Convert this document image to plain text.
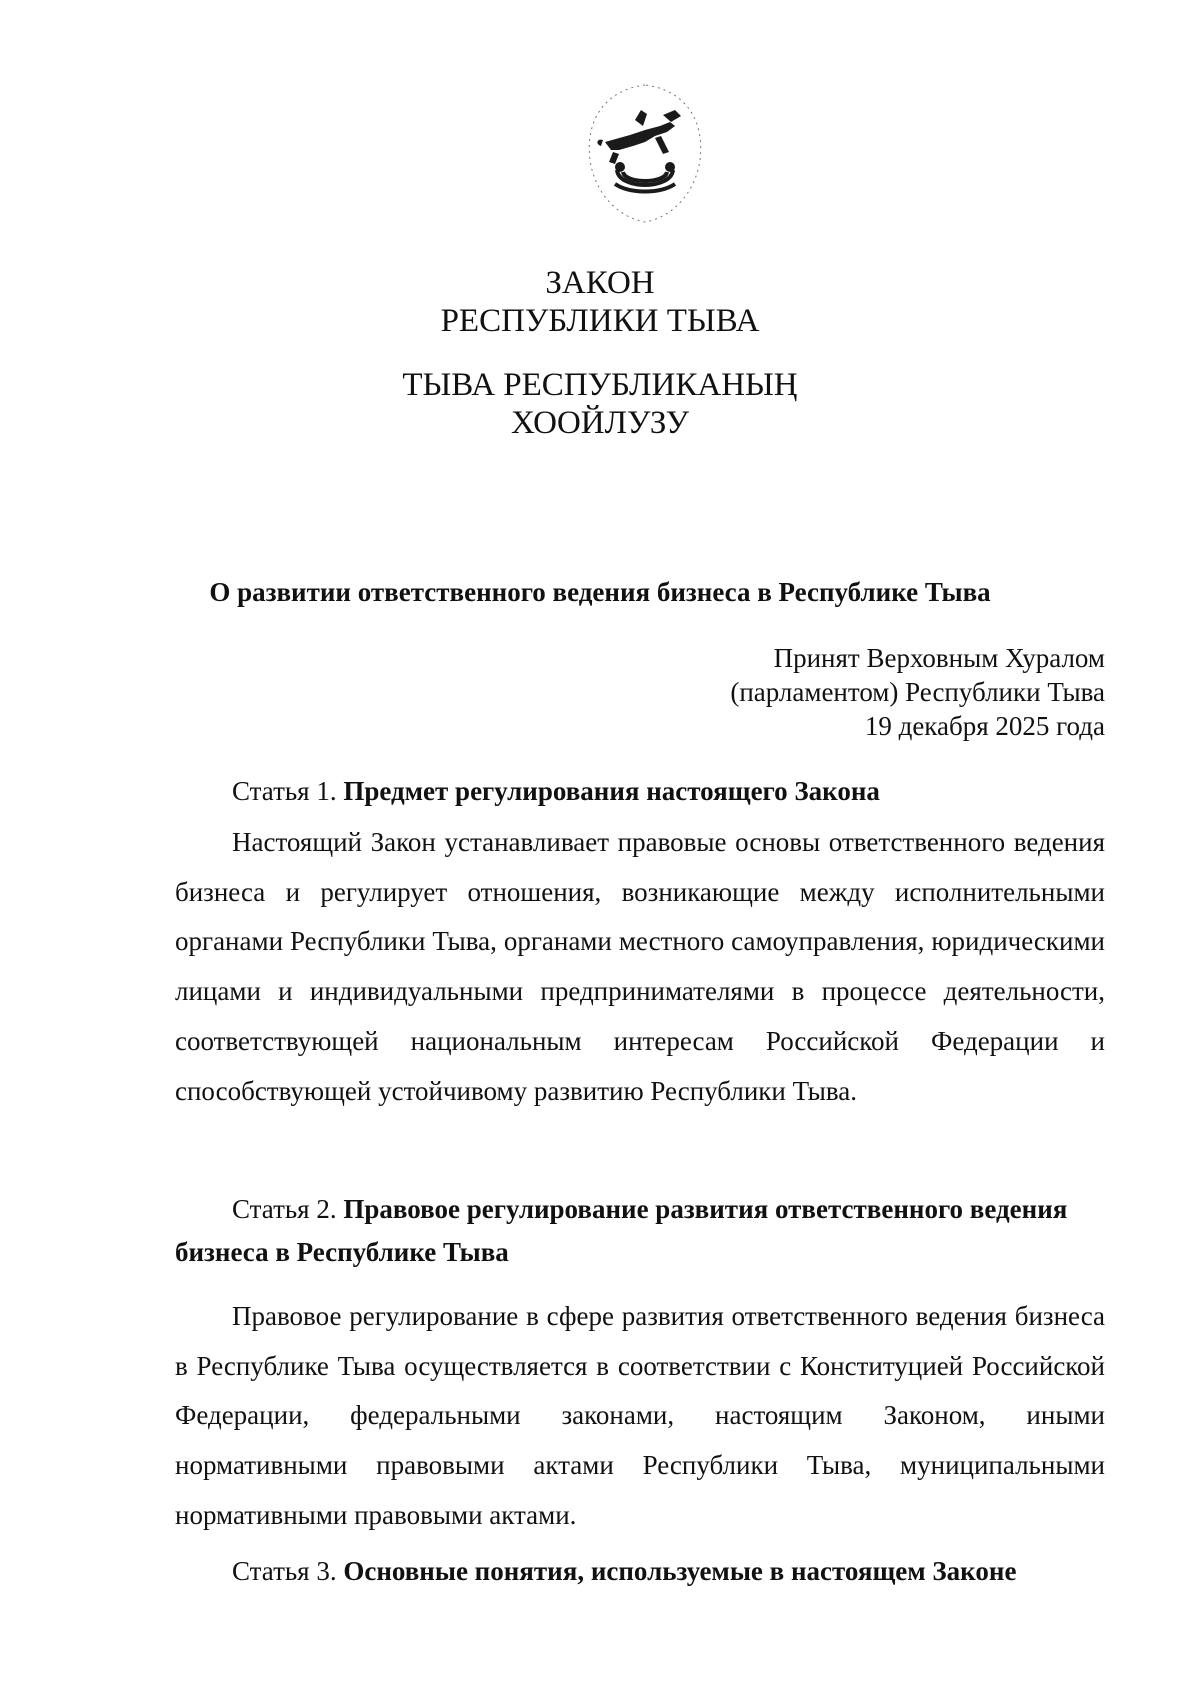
ЗАКОН
РЕСПУБЛИКИ ТЫВА
ТЫВА РЕСПУБЛИКАНЫҢ
ХООЙЛУЗУ
О развитии ответственного ведения бизнеса в Республике Тыва
Принят Верховным Хуралом
(парламентом) Республики Тыва
19 декабря 2025 года
Статья 1. Предмет регулирования настоящего Закона

Настоящий Закон устанавливает правовые основы ответственного ведения бизнеса и регулирует отношения, возникающие между исполнительными органами Республики Тыва, органами местного самоуправления, юридическими лицами и индивидуальными предпринимателями в процессе деятельности, соответствующей национальным интересам Российской Федерации и способствующей устойчивому развитию Республики Тыва.

Статья 2. Правовое регулирование развития ответственного ведения бизнеса в Республике Тыва

Правовое регулирование в сфере развития ответственного ведения бизнеса в Республике Тыва осуществляется в соответствии с Конституцией Российской Федерации, федеральными законами, настоящим Законом, иными нормативными правовыми актами Республики Тыва, муниципальными нормативными правовыми актами.

Статья 3. Основные понятия, используемые в настоящем Законе
